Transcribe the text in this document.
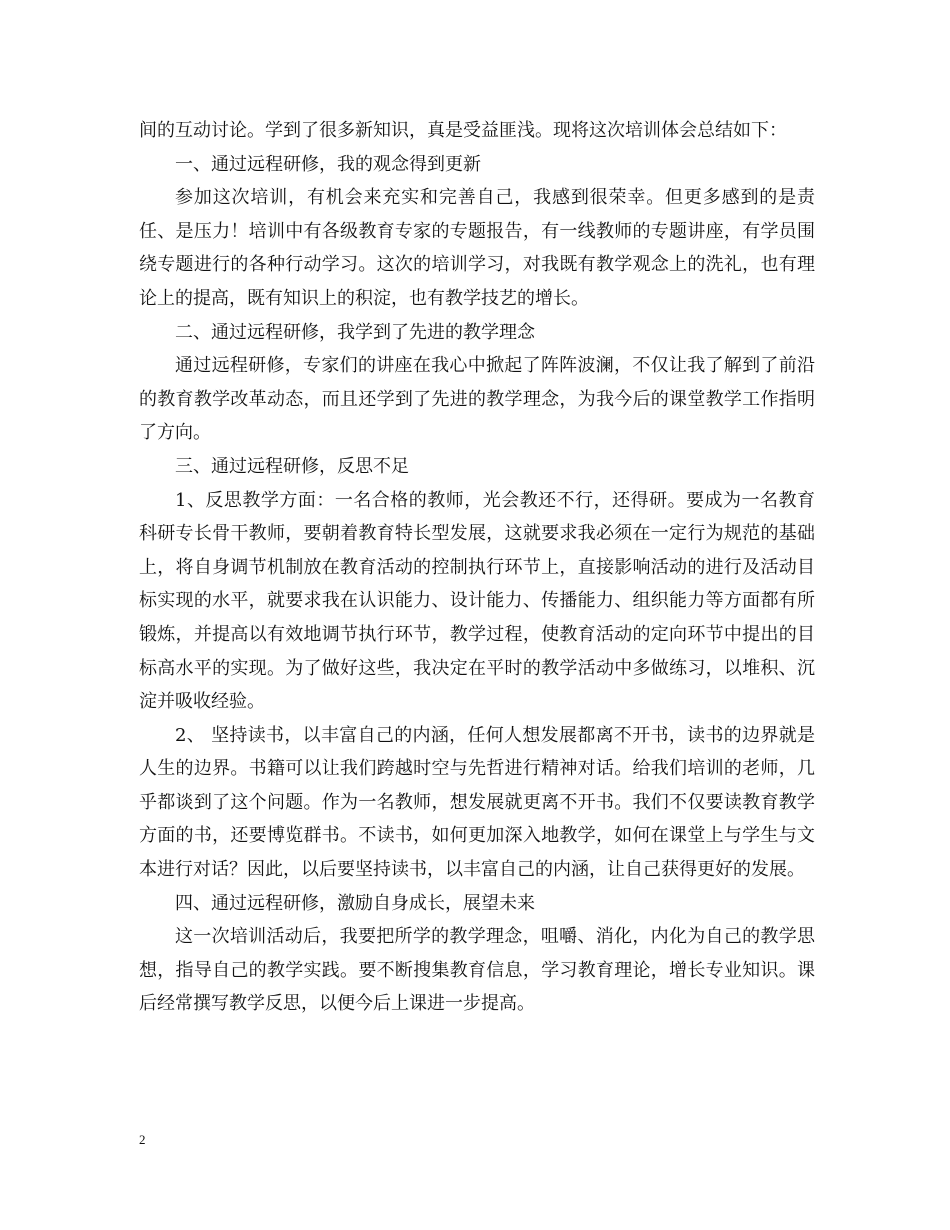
间的互动讨论。学到了很多新知识，真是受益匪浅。现将这次培训体会总结如下：

一、通过远程研修，我的观念得到更新

参加这次培训，有机会来充实和完善自己，我感到很荣幸。但更多感到的是责任、是压力！培训中有各级教育专家的专题报告，有一线教师的专题讲座，有学员围绕专题进行的各种行动学习。这次的培训学习，对我既有教学观念上的洗礼，也有理论上的提高，既有知识上的积淀，也有教学技艺的增长。

二、通过远程研修，我学到了先进的教学理念

通过远程研修，专家们的讲座在我心中掀起了阵阵波澜，不仅让我了解到了前沿的教育教学改革动态，而且还学到了先进的教学理念，为我今后的课堂教学工作指明了方向。

三、通过远程研修，反思不足

1、反思教学方面：一名合格的教师，光会教还不行，还得研。要成为一名教育科研专长骨干教师，要朝着教育特长型发展，这就要求我必须在一定行为规范的基础上，将自身调节机制放在教育活动的控制执行环节上，直接影响活动的进行及活动目标实现的水平，就要求我在认识能力、设计能力、传播能力、组织能力等方面都有所锻炼，并提高以有效地调节执行环节，教学过程，使教育活动的定向环节中提出的目标高水平的实现。为了做好这些，我决定在平时的教学活动中多做练习，以堆积、沉淀并吸收经验。

2、 坚持读书，以丰富自己的内涵，任何人想发展都离不开书，读书的边界就是人生的边界。书籍可以让我们跨越时空与先哲进行精神对话。给我们培训的老师，几乎都谈到了这个问题。作为一名教师，想发展就更离不开书。我们不仅要读教育教学方面的书，还要博览群书。不读书，如何更加深入地教学，如何在课堂上与学生与文本进行对话？因此，以后要坚持读书，以丰富自己的内涵，让自己获得更好的发展。

四、通过远程研修，激励自身成长，展望未来

这一次培训活动后，我要把所学的教学理念，咀嚼、消化，内化为自己的教学思想，指导自己的教学实践。要不断搜集教育信息，学习教育理论，增长专业知识。课后经常撰写教学反思，以便今后上课进一步提高。

2
